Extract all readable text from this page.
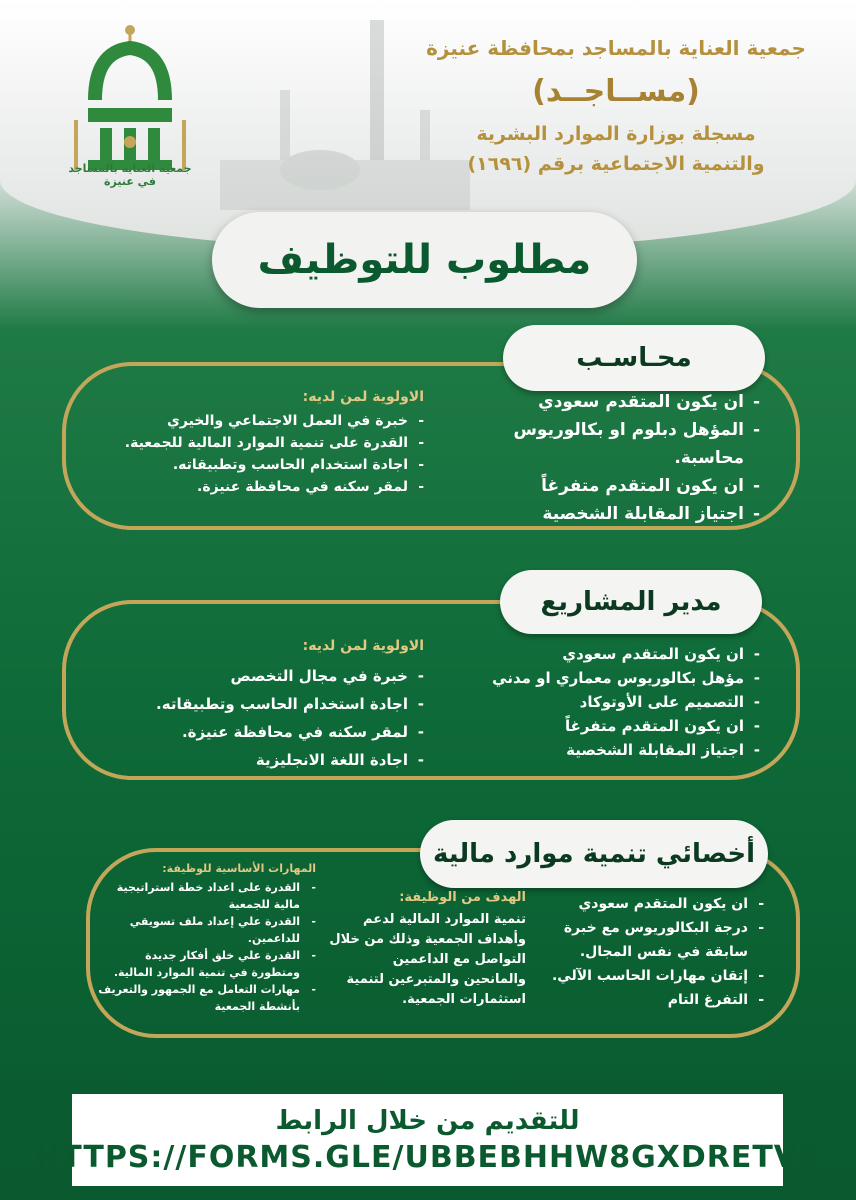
جمعية العناية بالمساجد في عنيزة
جمعية العناية بالمساجد بمحافظة عنيزة
(مســاجــد)
مسجلة بوزارة الموارد البشرية
والتنمية الاجتماعية برقم (١٦٩٦)
مطلوب للتوظيف
محـاسـب
- ان يكون المتقدم سعودي
- المؤهل دبلوم او بكالوريوس محاسبة.
- ان يكون المتقدم متفرغاً
- اجتياز المقابلة الشخصية
الاولوية لمن لديه:
- خبرة في العمل الاجتماعي والخيري
- القدرة على تنمية الموارد المالية للجمعية.
- اجادة استخدام الحاسب وتطبيقاته.
- لمقر سكنه في محافظة عنيزة.
مدير المشاريع
- ان يكون المتقدم سعودي
- مؤهل بكالوريوس معماري او مدني
- التصميم على الأوتوكاد
- ان يكون المتقدم متفرغاً
- اجتياز المقابلة الشخصية
الاولوية لمن لديه:
- خبرة في مجال التخصص
- اجادة استخدام الحاسب وتطبيقاته.
- لمقر سكنه في محافظة عنيزة.
- اجادة اللغة الانجليزية
أخصائي تنمية موارد مالية
- ان يكون المتقدم سعودي
- درجة البكالوريوس مع خبرة سابقة في نفس المجال.
- إتقان مهارات الحاسب الآلي.
- التفرغ التام
الهدف من الوظيفة:
تنمية الموارد المالية لدعم وأهداف الجمعية وذلك من خلال التواصل مع الداعمين والمانحين والمتبرعين لتنمية استثمارات الجمعية.
المهارات الأساسية للوظيفة:
- القدرة على اعداد خطة استراتيجية مالية للجمعية
- القدرة علي إعداد ملف تسويقي للداعمين.
- القدرة علي خلق أفكار جديدة ومتطورة في تنمية الموارد المالية.
- مهارات التعامل مع الجمهور والتعريف بأنشطة الجمعية
للتقديم من خلال الرابط
HTTPS://FORMS.GLE/UBBEBHHW8GXDRETV8
